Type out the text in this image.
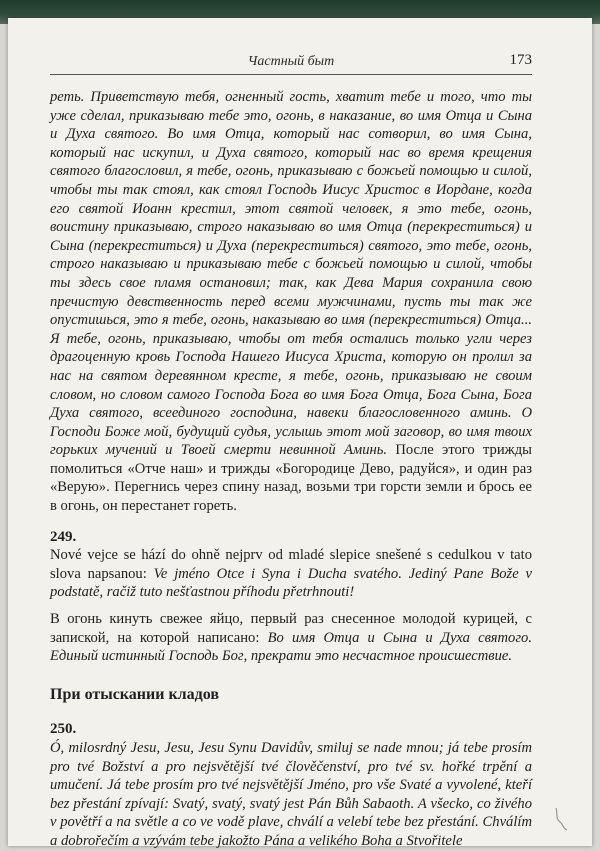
Частный быт	173

реть. Приветствую тебя, огненный гость, хватит тебе и того, что ты уже сделал, приказываю тебе это, огонь, в наказание, во имя Отца и Сына и Духа святого. Во имя Отца, который нас сотворил, во имя Сына, который нас искупил, и Духа святого, который нас во время крещения святого благословил, я тебе, огонь, приказываю с божьей помощью и силой, чтобы ты так стоял, как стоял Господь Иисус Христос в Иордане, когда его святой Иоанн крестил, этот святой человек, я это тебе, огонь, воистину приказываю, строго наказываю во имя Отца (перекреститься) и Сына (перекреститься) и Духа (перекреститься) святого, это тебе, огонь, строго наказываю и приказываю тебе с божьей помощью и силой, чтобы ты здесь свое пламя остановил; так, как Дева Мария сохранила свою пречистую девственность перед всеми мужчинами, пусть ты так же опустишься, это я тебе, огонь, наказываю во имя (перекреститься) Отца... Я тебе, огонь, приказываю, чтобы от тебя остались только угли через драгоценную кровь Господа Нашего Иисуса Христа, которую он пролил за нас на святом деревянном кресте, я тебе, огонь, приказываю не своим словом, но словом самого Господа Бога во имя Бога Отца, Бога Сына, Бога Духа святого, всеединого господина, навеки благословенного аминь. О Господи Боже мой, будущий судья, услышь этот мой заговор, во имя твоих горьких мучений и Твоей смерти невинной Аминь. После этого трижды помолиться «Отче наш» и трижды «Богородице Дево, радуйся», и один раз «Верую». Перегнись через спину назад, возьми три горсти земли и брось ее в огонь, он перестанет гореть.

249.

Nové vejce se hází do ohně nejprv od mladé slepice snešené s cedulkou v tato slova napsanou: Ve jméno Otce i Syna i Ducha svatého. Jediný Pane Bože v podstatě, račiž tuto nešťastnou příhodu přetrhnouti!

В огонь кинуть свежее яйцо, первый раз снесенное молодой курицей, с запиской, на которой написано: Во имя Отца и Сына и Духа святого. Единый истинный Господь Бог, прекрати это несчастное происшествие.

При отыскании кладов
250.

Ó, milosrdný Jesu, Jesu, Jesu Synu Davidův, smiluj se nade mnou; já tebe prosím pro tvé Božství a pro nejsvětější tvé člověčenství, pro tvé sv. hořké trpění a umučení. Já tebe prosím pro tvé nejsvětější Jméno, pro vše Svaté a vyvolené, kteří bez přestání zpívají: Svatý, svatý, svatý jest Pán Bůh Sabaoth. A všecko, co živého v povětří a na světle a co ve vodě plave, chválí a velebí tebe bez přestání. Chválím a dobrořečím a vzývám tebe jakožto Pána a velikého Boha a Stvořitele
